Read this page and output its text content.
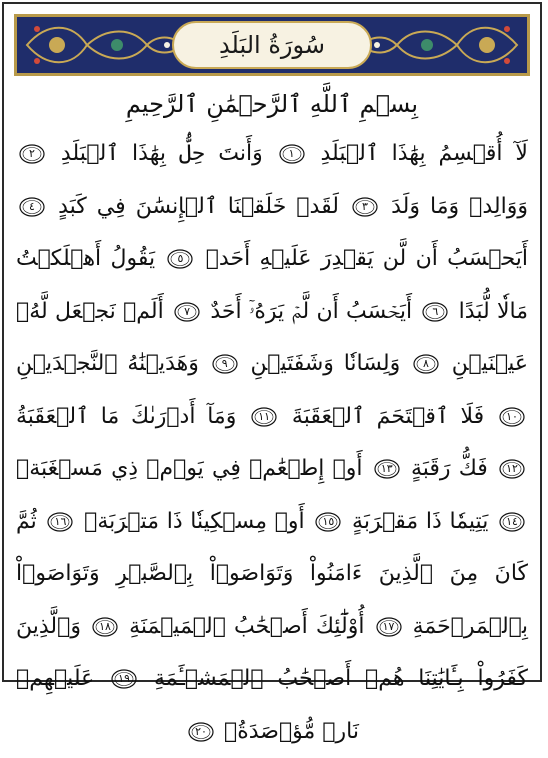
سُورَةُ البَلَدِ
بِسۡمِ ٱللَّهِ ٱلرَّحۡمَٰنِ ٱلرَّحِيمِ
لَآ أُقۡسِمُ بِهَٰذَا ٱلۡبَلَدِ
١
وَأَنتَ حِلُّۢ بِهَٰذَا ٱلۡبَلَدِ
٢
وَوَالِدٖ وَمَا وَلَدَ
٣
لَقَدۡ خَلَقۡنَا ٱلۡإِنسَٰنَ فِي كَبَدٍ
٤
أَيَحۡسَبُ أَن لَّن يَقۡدِرَ عَلَيۡهِ أَحَدٞ
٥
يَقُولُ أَهۡلَكۡتُ مَالٗا لُّبَدًا
٦
أَيَحۡسَبُ أَن لَّمۡ يَرَهُۥٓ أَحَدٌ
٧
أَلَمۡ نَجۡعَل لَّهُۥ عَيۡنَيۡنِ
٨
وَلِسَانٗا وَشَفَتَيۡنِ
٩
وَهَدَيۡنَٰهُ ٱلنَّجۡدَيۡنِ
١٠
فَلَا ٱقۡتَحَمَ ٱلۡعَقَبَةَ
١١
وَمَآ أَدۡرَىٰكَ مَا ٱلۡعَقَبَةُ
١٢
فَكُّ رَقَبَةٍ
١٣
أَوۡ إِطۡعَٰمٞ فِي يَوۡمٖ ذِي مَسۡغَبَةٖ
١٤
يَتِيمٗا ذَا مَقۡرَبَةٍ
١٥
أَوۡ مِسۡكِينٗا ذَا مَتۡرَبَةٖ
١٦
ثُمَّ كَانَ مِنَ ٱلَّذِينَ ءَامَنُواْ وَتَوَاصَوۡاْ بِٱلصَّبۡرِ وَتَوَاصَوۡاْ بِٱلۡمَرۡحَمَةِ
١٧
أُوْلَٰٓئِكَ أَصۡحَٰبُ ٱلۡمَيۡمَنَةِ
١٨
وَٱلَّذِينَ كَفَرُواْ بِـَٔايَٰتِنَا هُمۡ أَصۡحَٰبُ ٱلۡمَشۡـَٔمَةِ
١٩
عَلَيۡهِمۡ نَارٞ مُّؤۡصَدَةُۢ
٢٠
